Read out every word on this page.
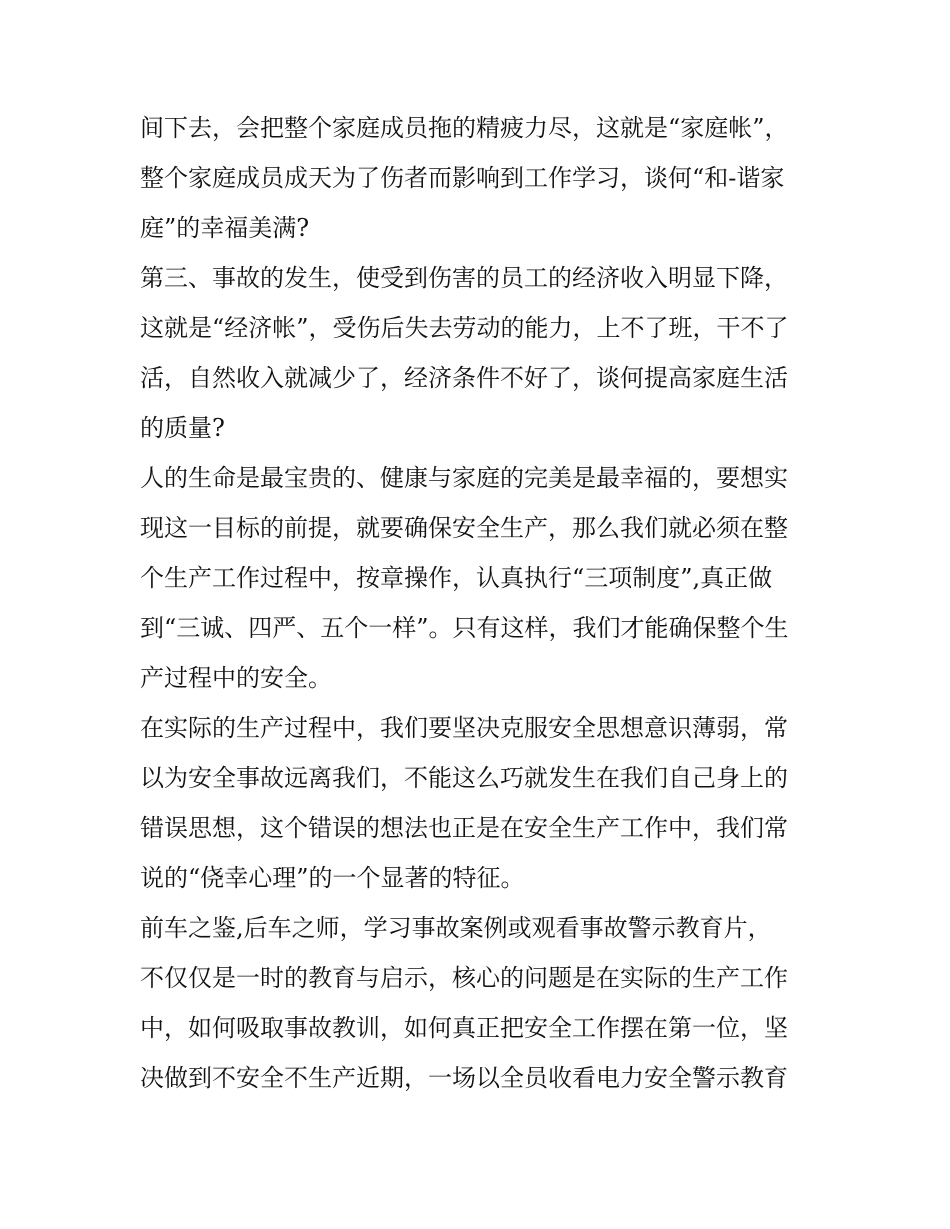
间下去，会把整个家庭成员拖的精疲力尽，这就是“家庭帐”，
整个家庭成员成天为了伤者而影响到工作学习，谈何“和-谐家
庭”的幸福美满?
第三、事故的发生，使受到伤害的员工的经济收入明显下降，
这就是“经济帐”，受伤后失去劳动的能力，上不了班，干不了
活，自然收入就减少了，经济条件不好了，谈何提高家庭生活
的质量?
人的生命是最宝贵的、健康与家庭的完美是最幸福的，要想实
现这一目标的前提，就要确保安全生产，那么我们就必须在整
个生产工作过程中，按章操作，认真执行“三项制度”,真正做
到“三诚、四严、五个一样”。只有这样，我们才能确保整个生
产过程中的安全。
在实际的生产过程中，我们要坚决克服安全思想意识薄弱，常
以为安全事故远离我们，不能这么巧就发生在我们自己身上的
错误思想，这个错误的想法也正是在安全生产工作中，我们常
说的“侥幸心理”的一个显著的特征。
前车之鉴,后车之师，学习事故案例或观看事故警示教育片，
不仅仅是一时的教育与启示，核心的问题是在实际的生产工作
中，如何吸取事故教训，如何真正把安全工作摆在第一位，坚
决做到不安全不生产近期，一场以全员收看电力安全警示教育
